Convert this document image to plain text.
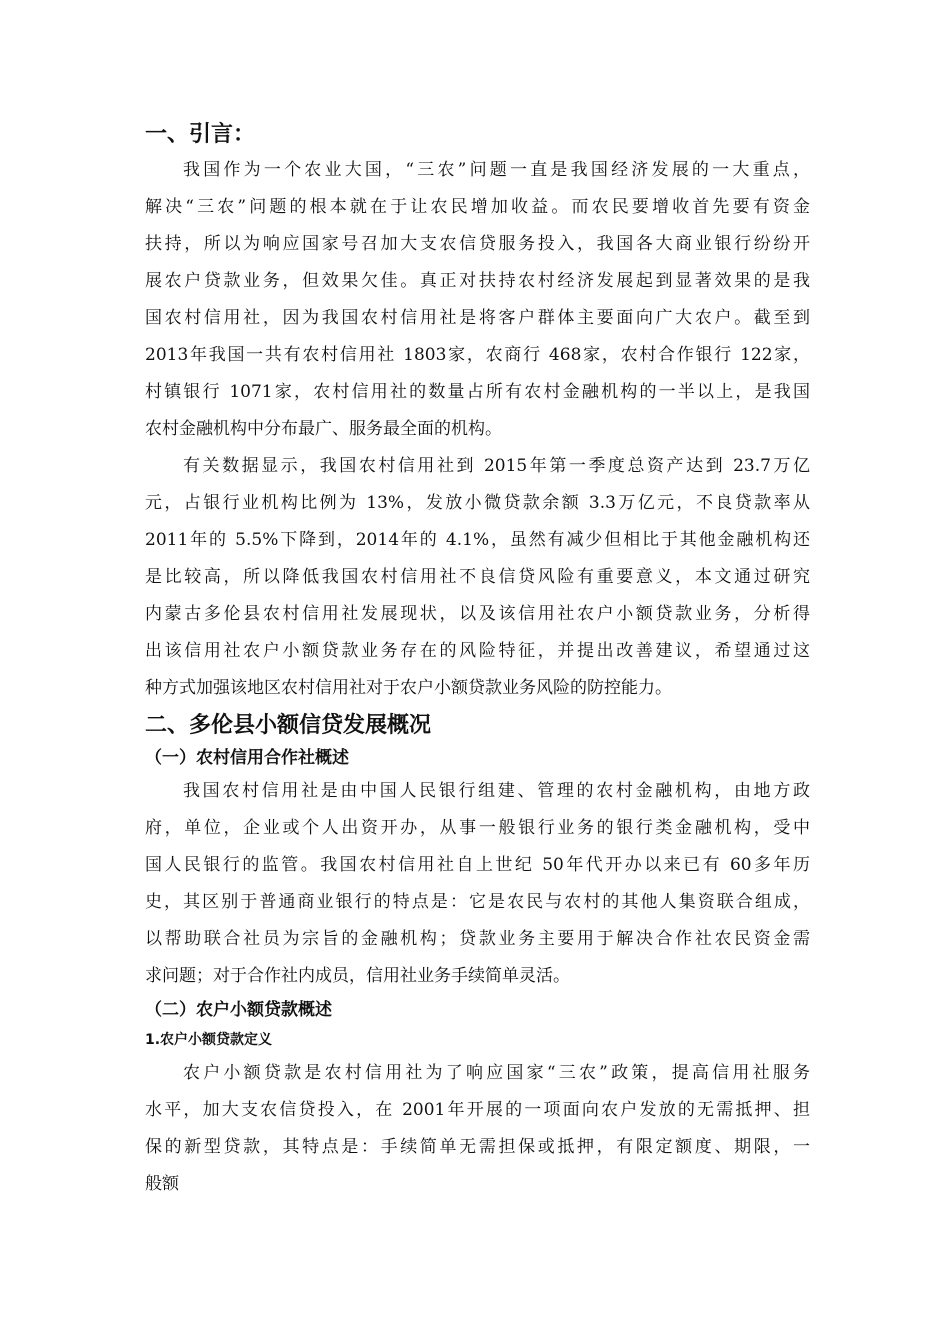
一、引言：
我国作为一个农业大国，“三农”问题一直是我国经济发展的一大重点，
解决“三农”问题的根本就在于让农民增加收益。而农民要增收首先要有资金
扶持，所以为响应国家号召加大支农信贷服务投入，我国各大商业银行纷纷开
展农户贷款业务，但效果欠佳。真正对扶持农村经济发展起到显著效果的是我
国农村信用社，因为我国农村信用社是将客户群体主要面向广大农户。截至到
2013年我国一共有农村信用社 1803家，农商行 468家，农村合作银行 122家，
村镇银行 1071家，农村信用社的数量占所有农村金融机构的一半以上，是我国
农村金融机构中分布最广、服务最全面的机构。
有关数据显示，我国农村信用社到 2015年第一季度总资产达到 23.7万亿
元，占银行业机构比例为 13%，发放小微贷款余额 3.3万亿元，不良贷款率从
2011年的 5.5%下降到，2014年的 4.1%，虽然有减少但相比于其他金融机构还
是比较高，所以降低我国农村信用社不良信贷风险有重要意义，本文通过研究
内蒙古多伦县农村信用社发展现状，以及该信用社农户小额贷款业务，分析得
出该信用社农户小额贷款业务存在的风险特征，并提出改善建议，希望通过这
种方式加强该地区农村信用社对于农户小额贷款业务风险的防控能力。
二、多伦县小额信贷发展概况
（一）农村信用合作社概述
我国农村信用社是由中国人民银行组建、管理的农村金融机构，由地方政
府，单位，企业或个人出资开办，从事一般银行业务的银行类金融机构，受中
国人民银行的监管。我国农村信用社自上世纪 50年代开办以来已有 60多年历
史，其区别于普通商业银行的特点是：它是农民与农村的其他人集资联合组成，
以帮助联合社员为宗旨的金融机构；贷款业务主要用于解决合作社农民资金需
求问题；对于合作社内成员，信用社业务手续简单灵活。
（二）农户小额贷款概述
1.农户小额贷款定义
农户小额贷款是农村信用社为了响应国家“三农”政策，提高信用社服务
水平，加大支农信贷投入，在 2001年开展的一项面向农户发放的无需抵押、担
保的新型贷款，其特点是：手续简单无需担保或抵押，有限定额度、期限，一
般额
